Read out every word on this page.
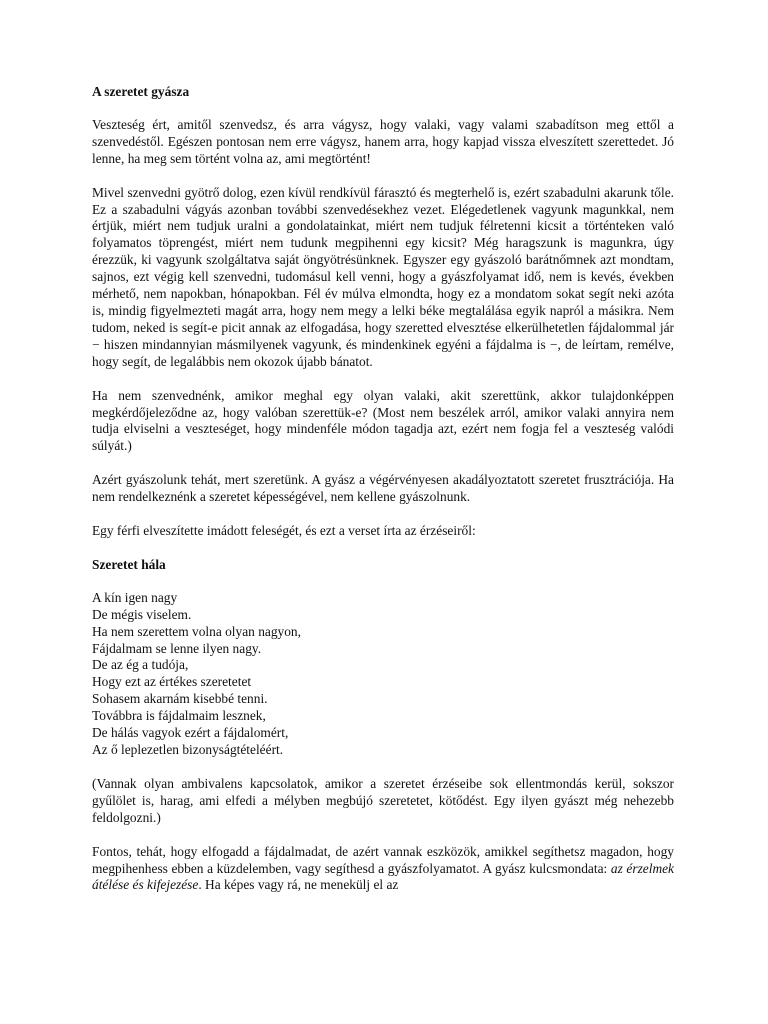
A szeretet gyásza

Veszteség ért, amitől szenvedsz, és arra vágysz, hogy valaki, vagy valami szabadítson meg ettől a szenvedéstől. Egészen pontosan nem erre vágysz, hanem arra, hogy kapjad vissza elveszített szerettedet. Jó lenne, ha meg sem történt volna az, ami megtörtént!

Mivel szenvedni gyötrő dolog, ezen kívül rendkívül fárasztó és megterhelő is, ezért szabadulni akarunk tőle. Ez a szabadulni vágyás azonban további szenvedésekhez vezet. Elégedetlenek vagyunk magunkkal, nem értjük, miért nem tudjuk uralni a gondolatainkat, miért nem tudjuk félretenni kicsit a történteken való folyamatos töprengést, miért nem tudunk megpihenni egy kicsit? Még haragszunk is magunkra, úgy érezzük, ki vagyunk szolgáltatva saját öngyötrésünknek. Egyszer egy gyászoló barátnőmnek azt mondtam, sajnos, ezt végig kell szenvedni, tudomásul kell venni, hogy a gyászfolyamat idő, nem is kevés, években mérhető, nem napokban, hónapokban. Fél év múlva elmondta, hogy ez a mondatom sokat segít neki azóta is, mindig figyelmezteti magát arra, hogy nem megy a lelki béke megtalálása egyik napról a másikra. Nem tudom, neked is segít-e picit annak az elfogadása, hogy szeretted elvesztése elkerülhetetlen fájdalommal jár − hiszen mindannyian másmilyenek vagyunk, és mindenkinek egyéni a fájdalma is −, de leírtam, remélve, hogy segít, de legalábbis nem okozok újabb bánatot.

Ha nem szenvednénk, amikor meghal egy olyan valaki, akit szerettünk, akkor tulajdonképpen megkérdőjeleződne az, hogy valóban szerettük-e? (Most nem beszélek arról, amikor valaki annyira nem tudja elviselni a veszteséget, hogy mindenféle módon tagadja azt, ezért nem fogja fel a veszteség valódi súlyát.)

Azért gyászolunk tehát, mert szeretünk. A gyász a végérvényesen akadályoztatott szeretet frusztrációja. Ha nem rendelkeznénk a szeretet képességével, nem kellene gyászolnunk.

Egy férfi elveszítette imádott feleségét, és ezt a verset írta az érzéseiről:

Szeretet hála

A kín igen nagy
De mégis viselem.
Ha nem szerettem volna olyan nagyon,
Fájdalmam se lenne ilyen nagy.
De az ég a tudója,
Hogy ezt az értékes szeretetet
Sohasem akarnám kisebbé tenni.
Továbbra is fájdalmaim lesznek,
De hálás vagyok ezért a fájdalomért,
Az ő leplezetlen bizonyságtételéért.

(Vannak olyan ambivalens kapcsolatok, amikor a szeretet érzéseibe sok ellentmondás kerül, sokszor gyűlölet is, harag, ami elfedi a mélyben megbújó szeretetet, kötődést. Egy ilyen gyászt még nehezebb feldolgozni.)

Fontos, tehát, hogy elfogadd a fájdalmadat, de azért vannak eszközök, amikkel segíthetsz magadon, hogy megpihenhess ebben a küzdelemben, vagy segíthesd a gyászfolyamatot. A gyász kulcsmondata: az érzelmek átélése és kifejezése. Ha képes vagy rá, ne menekülj el az
